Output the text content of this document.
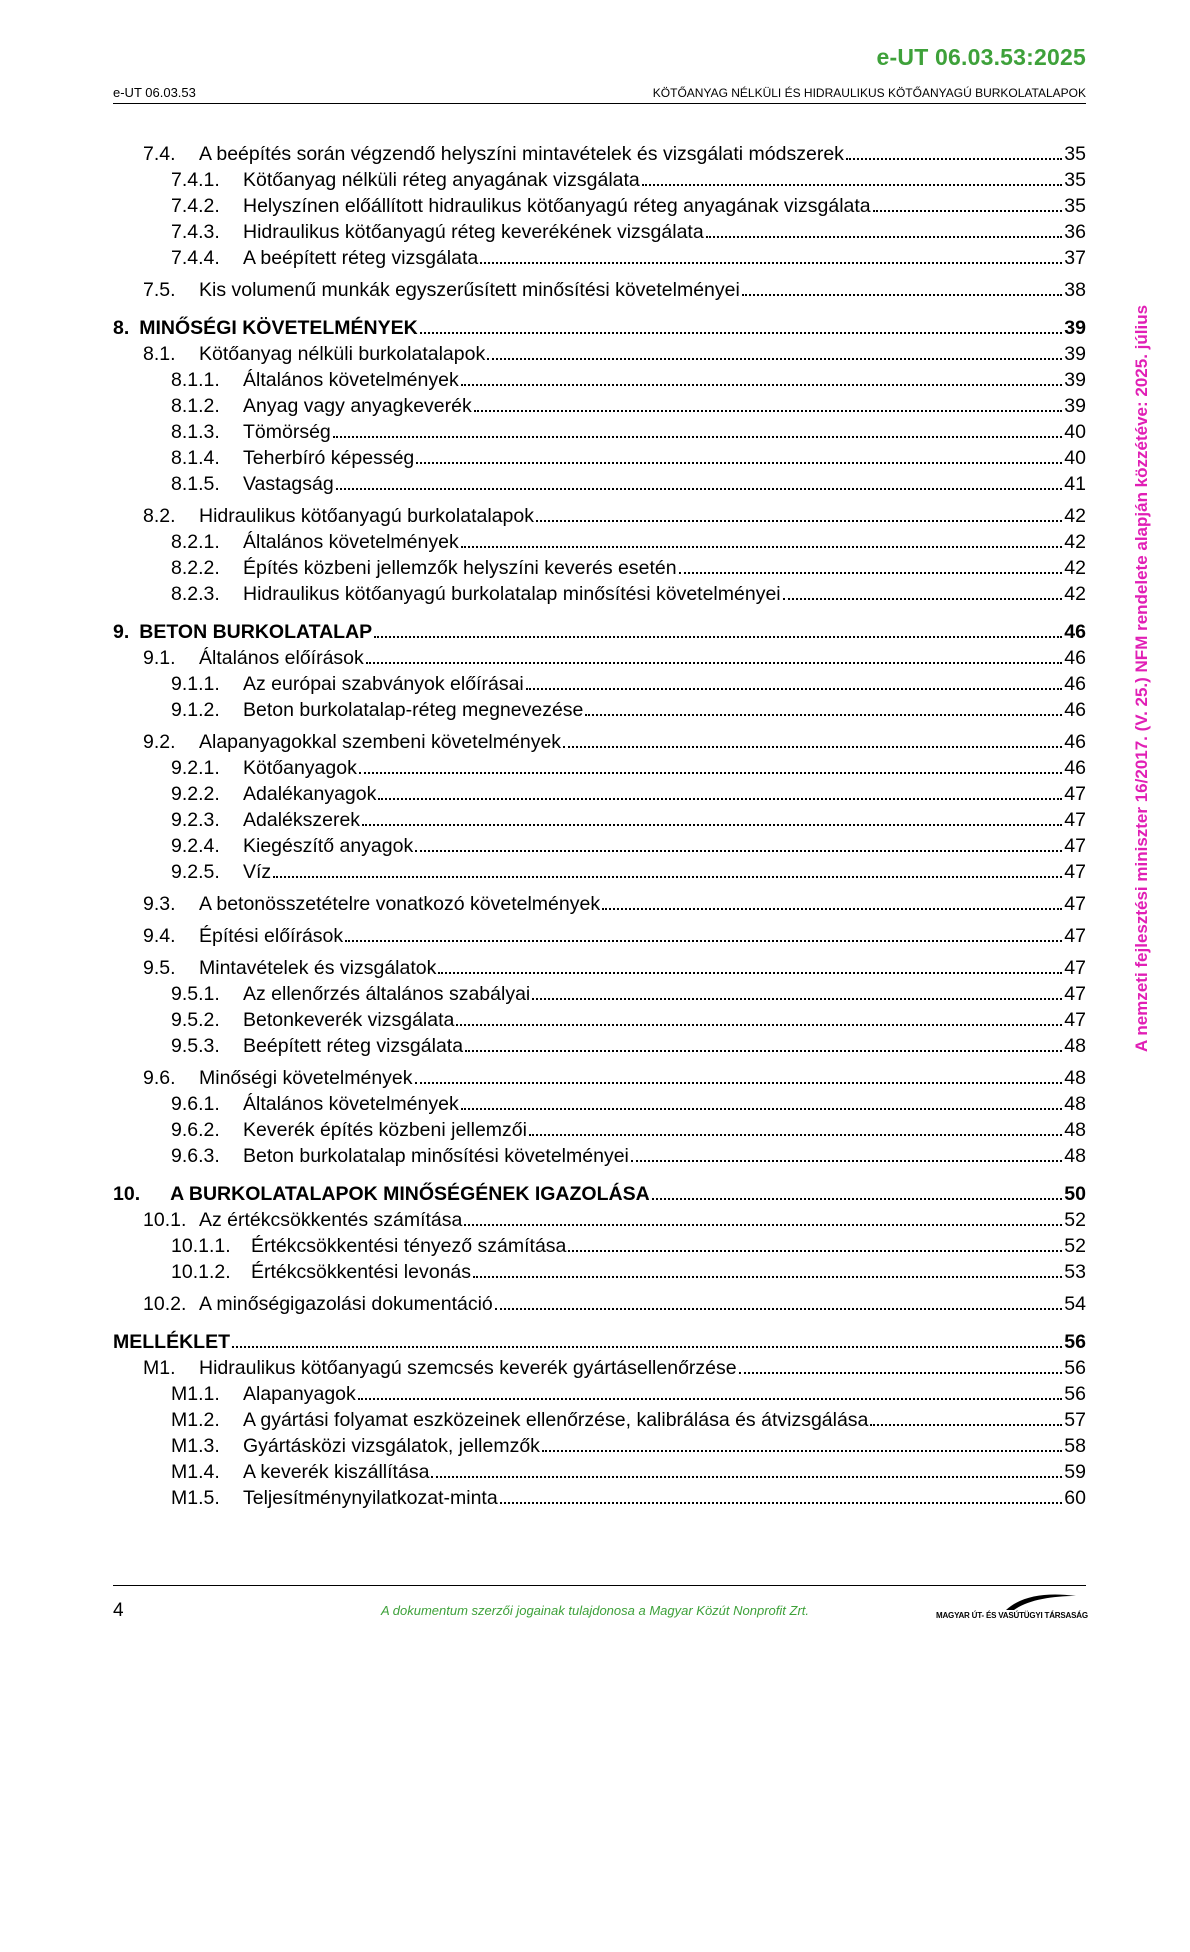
e-UT 06.03.53:2025
e-UT 06.03.53	KÖTŐANYAG NÉLKÜLI ÉS HIDRAULIKUS KÖTŐANYAGÚ BURKOLATALAPOK
A nemzeti fejlesztési miniszter 16/2017. (V. 25.) NFM rendelete alapján közzétéve: 2025. július
7.4.	A beépítés során végzendő helyszíni mintavételek és vizsgálati módszerek	35
7.4.1.	Kötőanyag nélküli réteg anyagának vizsgálata	35
7.4.2.	Helyszínen előállított hidraulikus kötőanyagú réteg anyagának vizsgálata	35
7.4.3.	Hidraulikus kötőanyagú réteg keverékének vizsgálata	36
7.4.4.	A beépített réteg vizsgálata	37
7.5.	Kis volumenű munkák egyszerűsített minősítési követelményei	38
8. MINŐSÉGI KÖVETELMÉNYEK	39
8.1.	Kötőanyag nélküli burkolatalapok	39
8.1.1.	Általános követelmények	39
8.1.2.	Anyag vagy anyagkeverék	39
8.1.3.	Tömörség	40
8.1.4.	Teherbíró képesség	40
8.1.5.	Vastagság	41
8.2.	Hidraulikus kötőanyagú burkolatalapok	42
8.2.1.	Általános követelmények	42
8.2.2.	Építés közbeni jellemzők helyszíni keverés esetén	42
8.2.3.	Hidraulikus kötőanyagú burkolatalap minősítési követelményei	42
9. BETON BURKOLATALAP	46
9.1.	Általános előírások	46
9.1.1.	Az európai szabványok előírásai	46
9.1.2.	Beton burkolatalap-réteg megnevezése	46
9.2.	Alapanyagokkal szembeni követelmények	46
9.2.1.	Kötőanyagok	46
9.2.2.	Adalékanyagok	47
9.2.3.	Adalékszerek	47
9.2.4.	Kiegészítő anyagok	47
9.2.5.	Víz	47
9.3.	A betonösszetételre vonatkozó követelmények	47
9.4.	Építési előírások	47
9.5.	Mintavételek és vizsgálatok	47
9.5.1.	Az ellenőrzés általános szabályai	47
9.5.2.	Betonkeverék vizsgálata	47
9.5.3.	Beépített réteg vizsgálata	48
9.6.	Minőségi követelmények	48
9.6.1.	Általános követelmények	48
9.6.2.	Keverék építés közbeni jellemzői	48
9.6.3.	Beton burkolatalap minősítési követelményei	48
10.	A BURKOLATALAPOK MINŐSÉGÉNEK IGAZOLÁSA	50
10.1. Az értékcsökkentés számítása	52
10.1.1.	Értékcsökkentési tényező számítása	52
10.1.2.	Értékcsökkentési levonás	53
10.2. A minőségigazolási dokumentáció	54
MELLÉKLET	56
M1.	Hidraulikus kötőanyagú szemcsés keverék gyártásellenőrzése	56
M1.1.	Alapanyagok	56
M1.2.	A gyártási folyamat eszközeinek ellenőrzése, kalibrálása és átvizsgálása	57
M1.3.	Gyártásközi vizsgálatok, jellemzők	58
M1.4.	A keverék kiszállítása	59
M1.5.	Teljesítménynyilatkozat-minta	60
4	A dokumentum szerzői jogainak tulajdonosa a Magyar Közút Nonprofit Zrt.	MAGYAR ÚT- ÉS VASÚTÜGYI TÁRSASÁG
